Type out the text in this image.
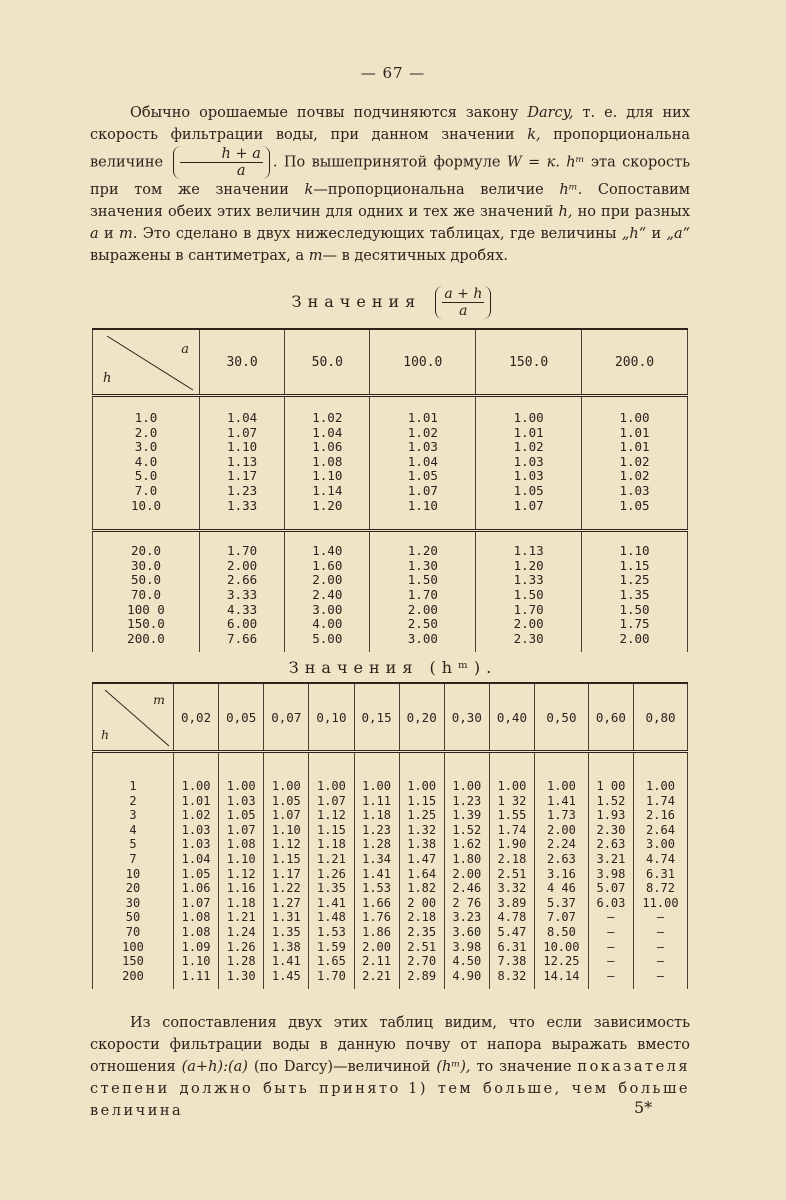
— 67 —

Обычно орошаемые почвы подчиняются закону Darcy, т. е. для них скорость фильтрации воды, при данном значении k, пропорциональна величине $\frac{h + a}{a}$ . По вышепринятой формуле W = к. hᵐ эта скорость при том же значении k—пропорциональна величие hᵐ. Сопоставим значения обеих этих величин для одних и тех же значений h, но при разных a и m. Это сделано в двух нижеследующих таблицах, где величины „h“ и „a“ выражены в сантиметрах, а m— в десятичных дробях.

Значения $\frac{a + h}{a}$
a
h	30.0	50.0	100.0	150.0	200.0
1.0	1.04	1.02	1.01	1.00	1.00
2.0	1.07	1.04	1.02	1.01	1.01
3.0	1.10	1.06	1.03	1.02	1.01
4.0	1.13	1.08	1.04	1.03	1.02
5.0	1.17	1.10	1.05	1.03	1.02
7.0	1.23	1.14	1.07	1.05	1.03
10.0	1.33	1.20	1.10	1.07	1.05
20.0	1.70	1.40	1.20	1.13	1.10
30.0	2.00	1.60	1.30	1.20	1.15
50.0	2.66	2.00	1.50	1.33	1.25
70.0	3.33	2.40	1.70	1.50	1.35
100 0	4.33	3.00	2.00	1.70	1.50
150.0	6.00	4.00	2.50	2.00	1.75
200.0	7.66	5.00	3.00	2.30	2.00
Значения (hᵐ).
m
h	0,02	0,05	0,07	0,10	0,15	0,20	0,30	0,40	0,50	0,60	0,80
1	1.00	1.00	1.00	1.00	1.00	1.00	1.00	1.00	1.00	1 00	1.00
2	1.01	1.03	1.05	1.07	1.11	1.15	1.23	1 32	1.41	1.52	1.74
3	1.02	1.05	1.07	1.12	1.18	1.25	1.39	1.55	1.73	1.93	2.16
4	1.03	1.07	1.10	1.15	1.23	1.32	1.52	1.74	2.00	2.30	2.64
5	1.03	1.08	1.12	1.18	1.28	1.38	1.62	1.90	2.24	2.63	3.00
7	1.04	1.10	1.15	1.21	1.34	1.47	1.80	2.18	2.63	3.21	4.74
10	1.05	1.12	1.17	1.26	1.41	1.64	2.00	2.51	3.16	3.98	6.31
20	1.06	1.16	1.22	1.35	1.53	1.82	2.46	3.32	4 46	5.07	8.72
30	1.07	1.18	1.27	1.41	1.66	2 00	2 76	3.89	5.37	6.03	11.00
50	1.08	1.21	1.31	1.48	1.76	2.18	3.23	4.78	7.07	—	—
70	1.08	1.24	1.35	1.53	1.86	2.35	3.60	5.47	8.50	—	—
100	1.09	1.26	1.38	1.59	2.00	2.51	3.98	6.31	10.00	—	—
150	1.10	1.28	1.41	1.65	2.11	2.70	4.50	7.38	12.25	—	—
200	1.11	1.30	1.45	1.70	2.21	2.89	4.90	8.32	14.14	—	—

Из сопоставления двух этих таблиц видим, что если зависимость скорости фильтрации воды в данную почву от напора выражать вместо отношения (a+h):(a) (по Darcy)—величиной (hᵐ), то значение показателя степени должно быть принято 1) тем больше, чем больше величина	5*
